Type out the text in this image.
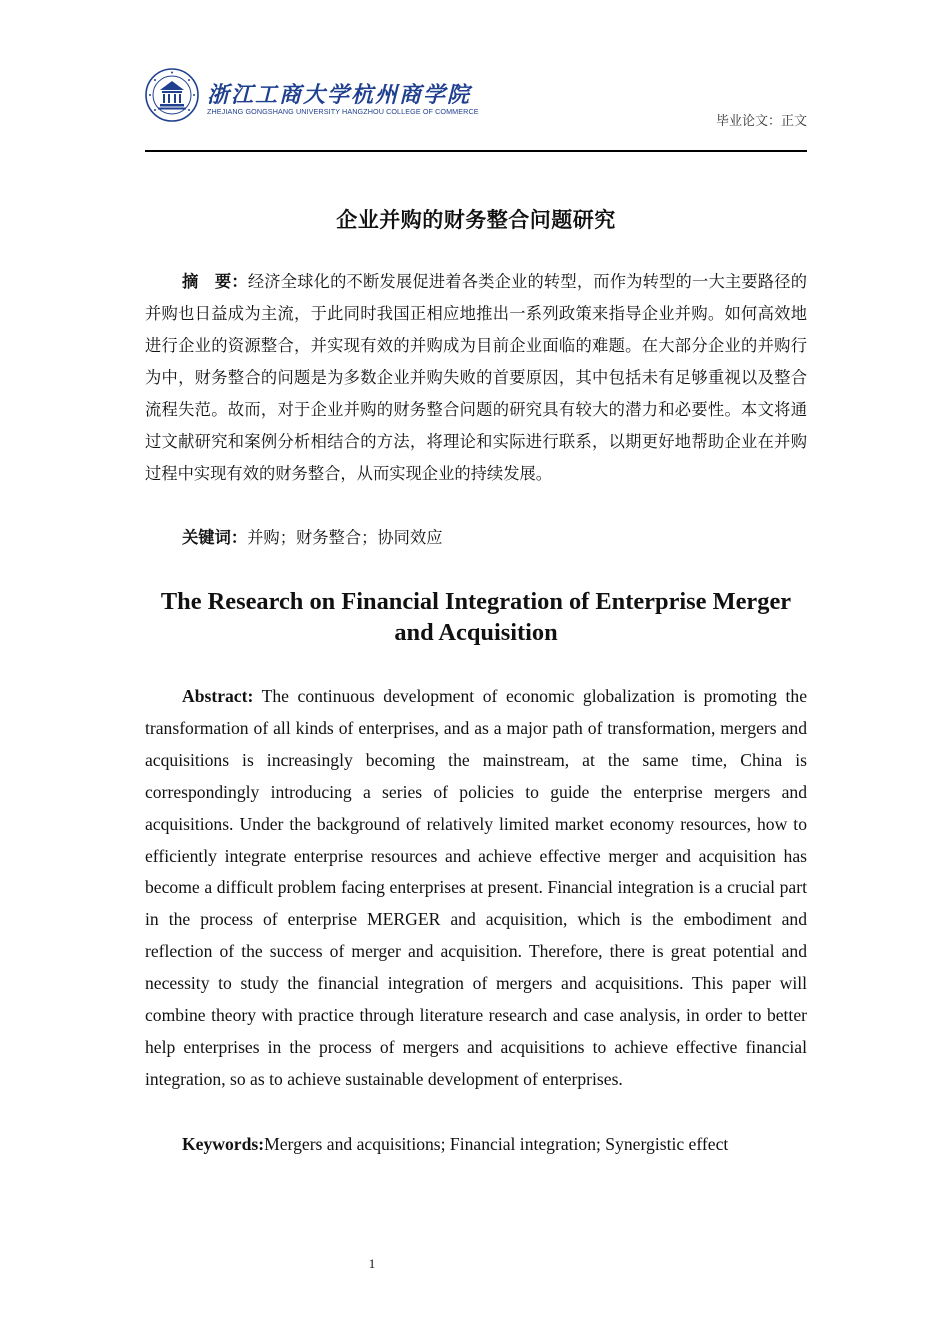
浙江工商大学杭州商学院
ZHEJIANG GONGSHANG UNIVERSITY HANGZHOU COLLEGE OF COMMERCE
毕业论文：正文
企业并购的财务整合问题研究

摘　要：经济全球化的不断发展促进着各类企业的转型，而作为转型的一大主要路径的并购也日益成为主流，于此同时我国正相应地推出一系列政策来指导企业并购。如何高效地进行企业的资源整合，并实现有效的并购成为目前企业面临的难题。在大部分企业的并购行为中，财务整合的问题是为多数企业并购失败的首要原因，其中包括未有足够重视以及整合流程失范。故而，对于企业并购的财务整合问题的研究具有较大的潜力和必要性。本文将通过文献研究和案例分析相结合的方法，将理论和实际进行联系，以期更好地帮助企业在并购过程中实现有效的财务整合，从而实现企业的持续发展。

关键词：并购；财务整合；协同效应

The Research on Financial Integration of Enterprise Merger and Acquisition

Abstract: The continuous development of economic globalization is promoting the transformation of all kinds of enterprises, and as a major path of transformation, mergers and acquisitions is increasingly becoming the mainstream, at the same time, China is correspondingly introducing a series of policies to guide the enterprise mergers and acquisitions. Under the background of relatively limited market economy resources, how to efficiently integrate enterprise resources and achieve effective merger and acquisition has become a difficult problem facing enterprises at present. Financial integration is a crucial part in the process of enterprise MERGER and acquisition, which is the embodiment and reflection of the success of merger and acquisition. Therefore, there is great potential and necessity to study the financial integration of mergers and acquisitions. This paper will combine theory with practice through literature research and case analysis, in order to better help enterprises in the process of mergers and acquisitions to achieve effective financial integration, so as to achieve sustainable development of enterprises.

Keywords:Mergers and acquisitions; Financial integration; Synergistic effect

1
